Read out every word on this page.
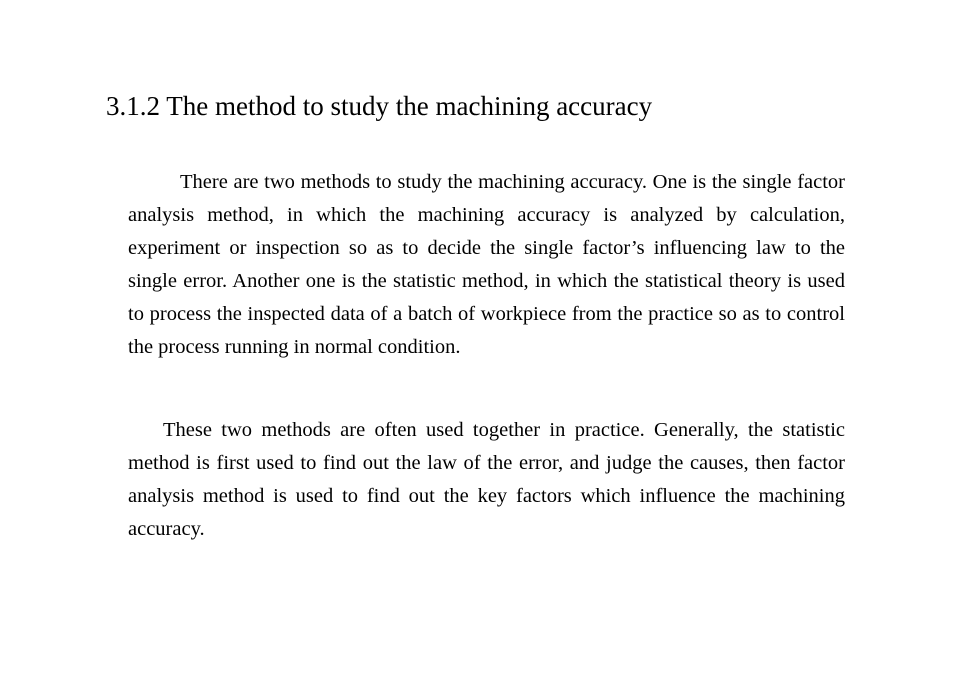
3.1.2 The method to study the machining accuracy

There are two methods to study the machining accuracy. One is the single factor analysis method, in which the machining accuracy is analyzed by calculation, experiment or inspection so as to decide the single factor’s influencing law to the single error. Another one is the statistic method, in which the statistical theory is used to process the inspected data of a batch of workpiece from the practice so as to control the process running in normal condition.

These two methods are often used together in practice. Generally, the statistic method is first used to find out the law of the error, and judge the causes, then factor analysis method is used to find out the key factors which influence the machining accuracy.
